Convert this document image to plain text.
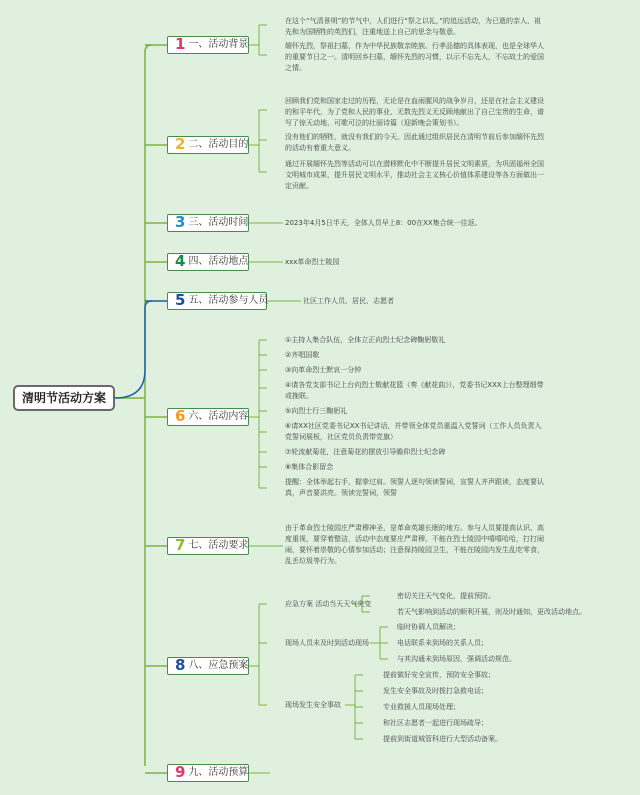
清明节活动方案
1 一、活动背景
2 二、活动目的
3 三、活动时间
4 四、活动地点
5 五、活动参与人员
6 六、活动内容
7 七、活动要求
8 八、应急预案
9 九、活动预算
在这个“气清景明”的节气中，人们进行“祭之以礼，”的追远活动，为已逝的亲人、祖先和为国牺牲的英烈们，注重地送上自己的思念与敬意。
缅怀先烈，祭祖扫墓，作为中华民族敬亲睦族、行孝品德的具体表现，也是全球华人的重要节日之一。清明回乡扫墓，缅怀先烈的习惯，以示不忘先人，不忘故土的爱国之情。
回顾我们党和国家走过的历程，无论是在血雨腥风的战争岁月，还是在社会主义建设的和平年代，为了党和人民的事业，无数先烈义无反顾地献出了自己宝贵的生命，谱写了惊天动地、可歌可泣的壮丽诗篇（迎新晚会策划书）。
没有他们的牺牲，就没有我们的今天。因此通过组织居民在清明节前后参加缅怀先烈的活动有着重大意义。
通过开展缅怀先烈等活动可以在潜移默化中不断提升居民文明素质，为巩固福州全国文明城市成果，提升居民文明水平，推动社会主义核心价值体系建设等各方面做出一定贡献。
2023年4月5日半天，全体人员早上8：00在XX集合统一往返。
xxx革命烈士陵园
社区工作人员、居民、志愿者
①主持人集合队伍，全体立正向烈士纪念碑鞠躬敬礼
②齐唱国歌
③向革命烈士默哀一分钟
④请各党支部书记上台向烈士敬献花篮（奏《献花曲》），党委书记XXX上台整理缎带或挽联。
⑤向烈士行三鞠躬礼
⑥请XX社区党委书记XX书记讲话，并带领全体党员重温入党誓词（工作人员负责入党誓词展板，社区党员负责带党旗）
⑦轮流献菊花，注意菊花的摆放引导瞻仰烈士纪念碑
⑧集体合影留念
提醒：全体举起右手，握拳过肩。领誓人逐句领读誓词，宣誓人齐声跟读，态度要认真，声音要洪亮。领读完誓词，领誓
由于革命烈士陵园庄严肃穆神圣，是革命英雄长眠的地方。参与人员要提高认识、高度重视，要穿着整洁，活动中态度要庄严肃穆，不能在烈士陵园中嘻嘻哈哈，打打闹闹，要怀着崇敬的心情参加活动；注意保持陵园卫生，不能在陵园内发生乱吃零食，乱丢垃圾等行为。
应急方案 活动当天天气突变
密切关注天气变化，提前预防。
若天气影响到活动的顺利开展，则及时通知，更改活动地点。
现场人员未及时到活动现场
临时协调人员解决；
电话联系未到场的关系人员；
与其沟通未到场原因，强调活动规范。
现场发生安全事故
提前做好安全宣传，预防安全事故；
发生安全事故及时拨打急救电话；
专业救援人员现场处理；
和社区志愿者一起进行现场疏导；
提前到街道城管科进行大型活动备案。
